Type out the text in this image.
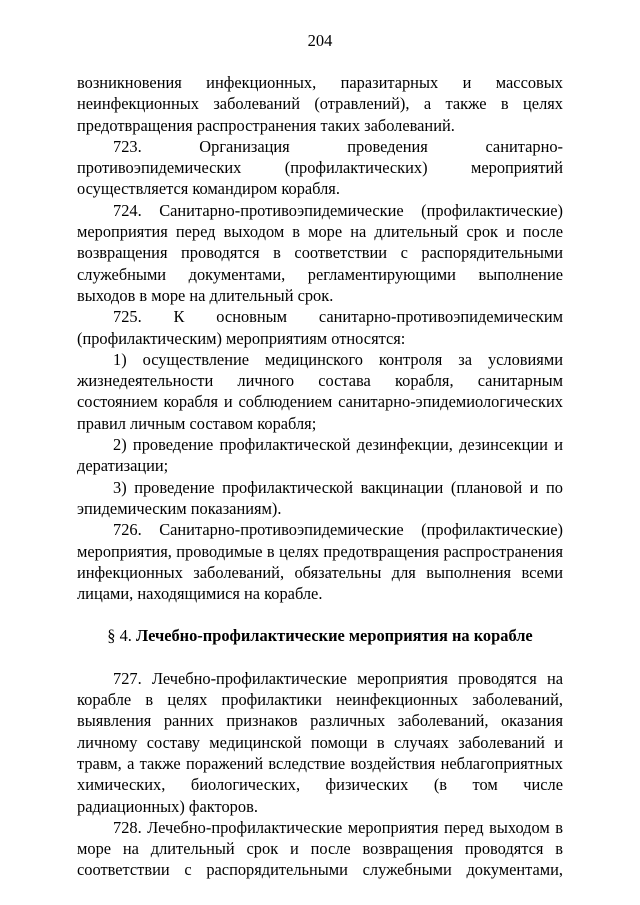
204

возникновения инфекционных, паразитарных и массовых неинфекционных заболеваний (отравлений), а также в целях предотвращения распространения таких заболеваний.

723. Организация проведения санитарно-противоэпидемических (профилактических) мероприятий осуществляется командиром корабля.

724. Санитарно-противоэпидемические (профилактические) мероприятия перед выходом в море на длительный срок и после возвращения проводятся в соответствии с распорядительными служебными документами, регламентирующими выполнение выходов в море на длительный срок.

725. К основным санитарно-противоэпидемическим (профилактическим) мероприятиям относятся:

1) осуществление медицинского контроля за условиями жизнедеятельности личного состава корабля, санитарным состоянием корабля и соблюдением санитарно-эпидемиологических правил личным составом корабля;

2) проведение профилактической дезинфекции, дезинсекции и дератизации;

3) проведение профилактической вакцинации (плановой и по эпидемическим показаниям).

726. Санитарно-противоэпидемические (профилактические) мероприятия, проводимые в целях предотвращения распространения инфекционных заболеваний, обязательны для выполнения всеми лицами, находящимися на корабле.

§ 4. Лечебно-профилактические мероприятия на корабле

727. Лечебно-профилактические мероприятия проводятся на корабле в целях профилактики неинфекционных заболеваний, выявления ранних признаков различных заболеваний, оказания личному составу медицинской помощи в случаях заболеваний и травм, а также поражений вследствие воздействия неблагоприятных химических, биологических, физических (в том числе радиационных) факторов.

728. Лечебно-профилактические мероприятия перед выходом в море на длительный срок и после возвращения проводятся в соответствии с распорядительными служебными документами,
